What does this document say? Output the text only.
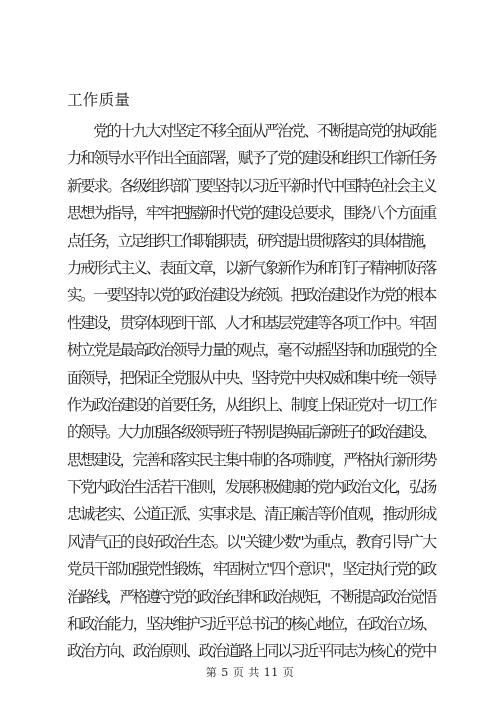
工作质量
　　党的十九大对坚定不移全面从严治党、不断提高党的执政能
力和领导水平作出全面部署，赋予了党的建设和组织工作新任务
新要求。各级组织部门要坚持以习近平新时代中国特色社会主义
思想为指导，牢牢把握新时代党的建设总要求，围绕八个方面重
点任务，立足组织工作职能职责，研究提出贯彻落实的具体措施，
力戒形式主义、表面文章，以新气象新作为和钉钉子精神抓好落
实。一要坚持以党的政治建设为统领。把政治建设作为党的根本
性建设，贯穿体现到干部、人才和基层党建等各项工作中。牢固
树立党是最高政治领导力量的观点，毫不动摇坚持和加强党的全
面领导，把保证全党服从中央、坚持党中央权威和集中统一领导
作为政治建设的首要任务，从组织上、制度上保证党对一切工作
的领导。大力加强各级领导班子特别是换届后新班子的政治建设、
思想建设，完善和落实民主集中制的各项制度，严格执行新形势
下党内政治生活若干准则，发展积极健康的党内政治文化，弘扬
忠诚老实、公道正派、实事求是、清正廉洁等价值观，推动形成
风清气正的良好政治生态。以"关键少数"为重点，教育引导广大
党员干部加强党性锻炼，牢固树立"四个意识"，坚定执行党的政
治路线，严格遵守党的政治纪律和政治规矩，不断提高政治觉悟
和政治能力，坚决维护习近平总书记的核心地位，在政治立场、
政治方向、政治原则、政治道路上同以习近平同志为核心的党中
第 5 页 共 11 页
